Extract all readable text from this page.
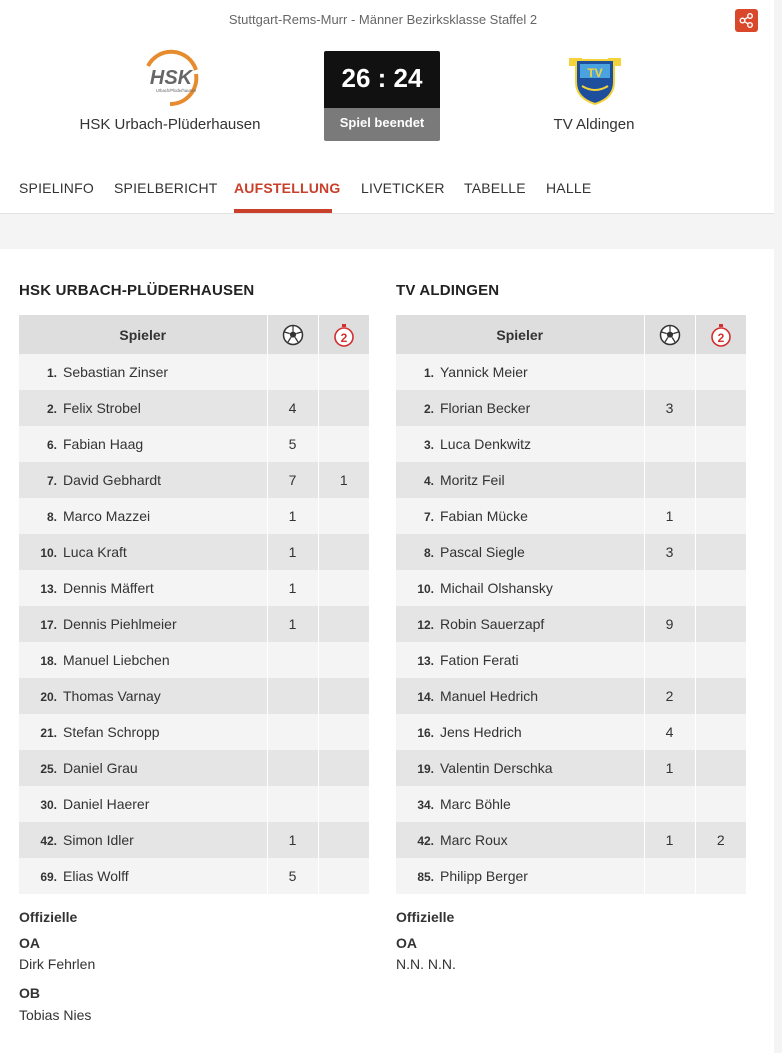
Stuttgart-Rems-Murr - Männer Bezirksklasse Staffel 2
HSK
Urbach/Plüderhausen
HSK Urbach-Plüderhausen
26 : 24
Spiel beendet
TV
TV Aldingen
SPIELINFO SPIELBERICHT AUFSTELLUNG LIVETICKER TABELLE HALLE
HSK URBACH-PLÜDERHAUSEN
Spieler		2

1. Sebastian Zinser		
2. Felix Strobel	4	
6. Fabian Haag	5	
7. David Gebhardt	7	1
8. Marco Mazzei	1	
10. Luca Kraft	1	
13. Dennis Mäffert	1	
17. Dennis Piehlmeier	1	
18. Manuel Liebchen		
20. Thomas Varnay		
21. Stefan Schropp		
25. Daniel Grau		
30. Daniel Haerer		
42. Simon Idler	1	
69. Elias Wolff	5	
Offizielle
OA
Dirk Fehrlen
OB
Tobias Nies
TV ALDINGEN
Spieler		2

1. Yannick Meier		
2. Florian Becker	3	
3. Luca Denkwitz		
4. Moritz Feil		
7. Fabian Mücke	1	
8. Pascal Siegle	3	
10. Michail Olshansky		
12. Robin Sauerzapf	9	
13. Fation Ferati		
14. Manuel Hedrich	2	
16. Jens Hedrich	4	
19. Valentin Derschka	1	
34. Marc Böhle		
42. Marc Roux	1	2
85. Philipp Berger		
Offizielle
OA
N.N. N.N.
